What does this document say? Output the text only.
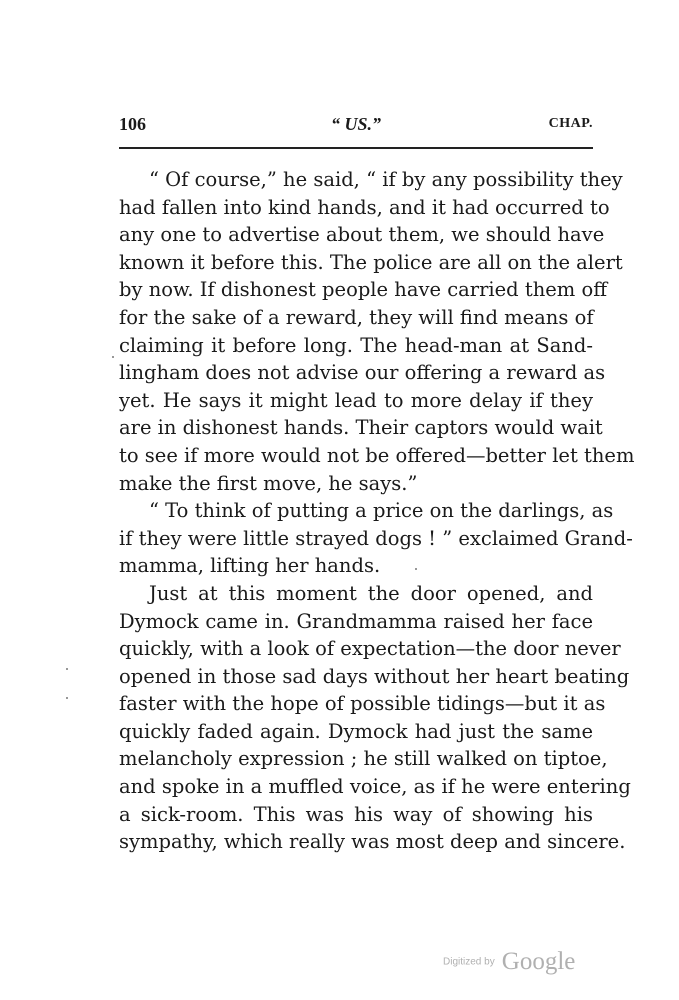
106	“ US.”	CHAP.
“ Of course,” he said, “ if by any possibility they
had fallen into kind hands, and it had occurred to
any one to advertise about them, we should have
known it before this. The police are all on the alert
by now. If dishonest people have carried them off
for the sake of a reward, they will find means of
claiming it before long. The head-man at Sand-
lingham does not advise our offering a reward as
yet. He says it might lead to more delay if they
are in dishonest hands. Their captors would wait
to see if more would not be offered—better let them
make the first move, he says.”
“ To think of putting a price on the darlings, as
if they were little strayed dogs ! ” exclaimed Grand-
mamma, lifting her hands.
Just at this moment the door opened, and
Dymock came in. Grandmamma raised her face
quickly, with a look of expectation—the door never
opened in those sad days without her heart beating
faster with the hope of possible tidings—but it as
quickly faded again. Dymock had just the same
melancholy expression ; he still walked on tiptoe,
and spoke in a muffled voice, as if he were entering
a sick-room. This was his way of showing his
sympathy, which really was most deep and sincere.
Digitized by Google
